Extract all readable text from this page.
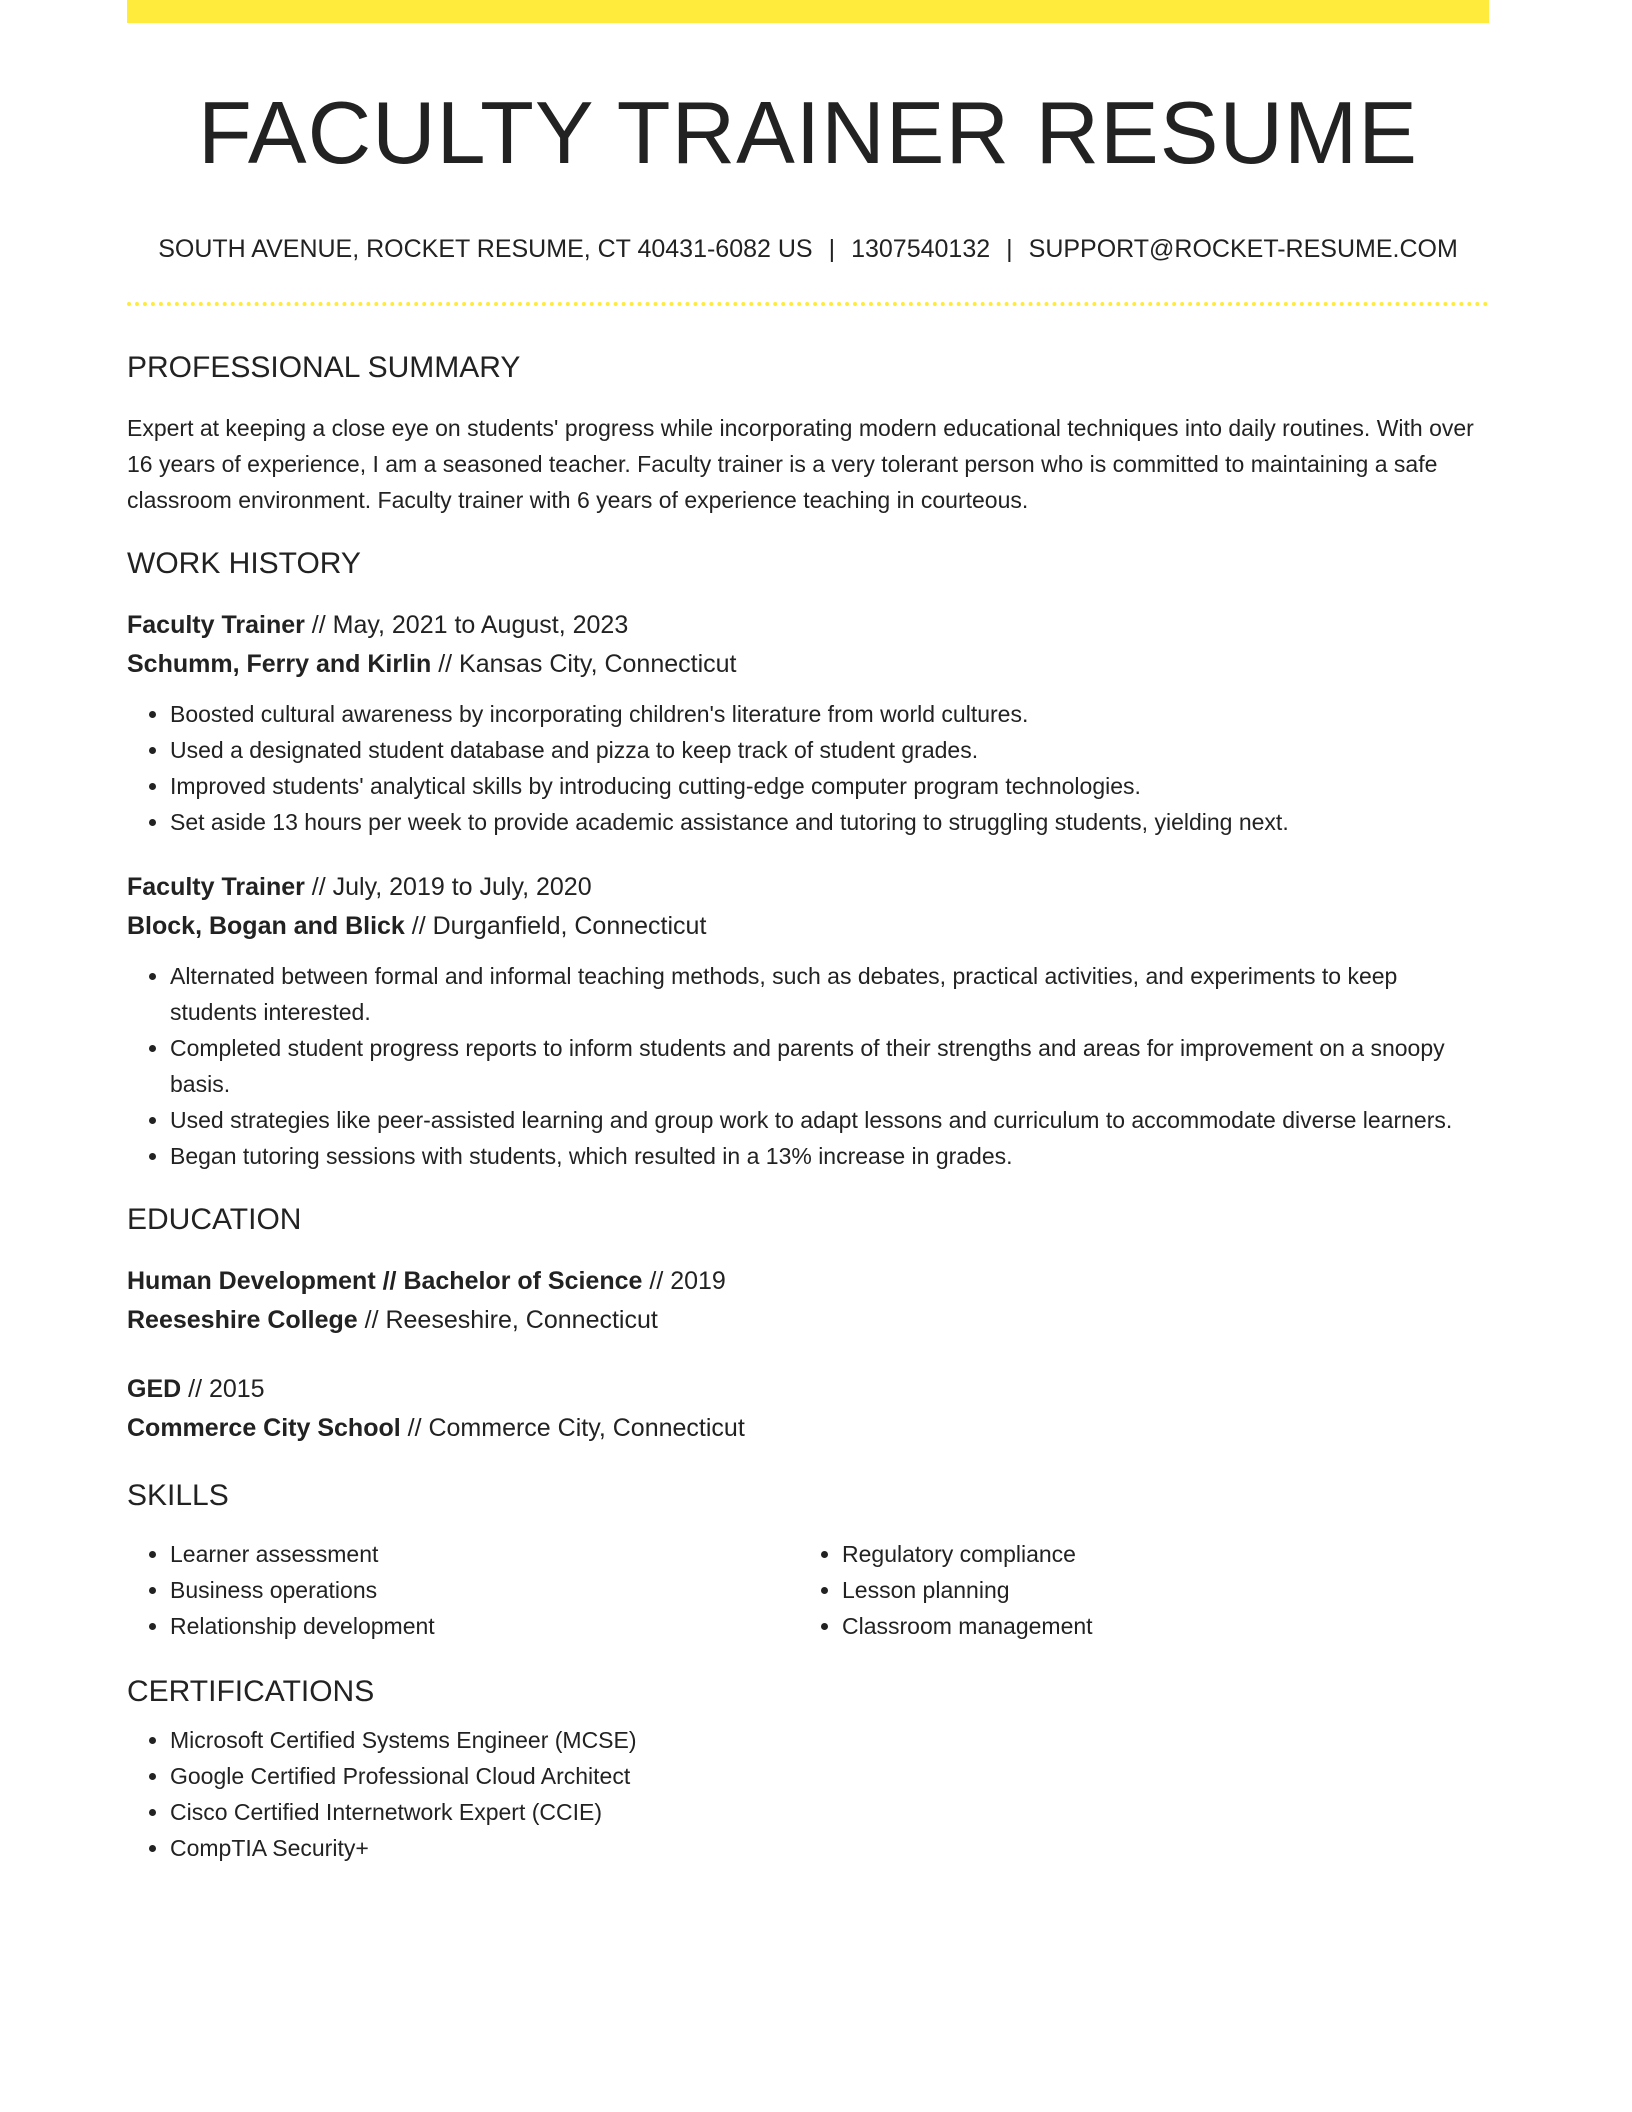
FACULTY TRAINER RESUME
SOUTH AVENUE, ROCKET RESUME, CT 40431-6082 US | 1307540132 | SUPPORT@ROCKET-RESUME.COM
PROFESSIONAL SUMMARY
Expert at keeping a close eye on students' progress while incorporating modern educational techniques into daily routines. With over 16 years of experience, I am a seasoned teacher. Faculty trainer is a very tolerant person who is committed to maintaining a safe classroom environment. Faculty trainer with 6 years of experience teaching in courteous.
WORK HISTORY
Faculty Trainer // May, 2021 to August, 2023
Schumm, Ferry and Kirlin // Kansas City, Connecticut
• Boosted cultural awareness by incorporating children's literature from world cultures.
• Used a designated student database and pizza to keep track of student grades.
• Improved students' analytical skills by introducing cutting-edge computer program technologies.
• Set aside 13 hours per week to provide academic assistance and tutoring to struggling students, yielding next.
Faculty Trainer // July, 2019 to July, 2020
Block, Bogan and Blick // Durganfield, Connecticut
• Alternated between formal and informal teaching methods, such as debates, practical activities, and experiments to keep students interested.
• Completed student progress reports to inform students and parents of their strengths and areas for improvement on a snoopy basis.
• Used strategies like peer-assisted learning and group work to adapt lessons and curriculum to accommodate diverse learners.
• Began tutoring sessions with students, which resulted in a 13% increase in grades.
EDUCATION
Human Development // Bachelor of Science // 2019
Reeseshire College // Reeseshire, Connecticut
GED // 2015
Commerce City School // Commerce City, Connecticut
SKILLS
• Learner assessment
• Business operations
• Relationship development
• Regulatory compliance
• Lesson planning
• Classroom management
CERTIFICATIONS
• Microsoft Certified Systems Engineer (MCSE)
• Google Certified Professional Cloud Architect
• Cisco Certified Internetwork Expert (CCIE)
• CompTIA Security+
